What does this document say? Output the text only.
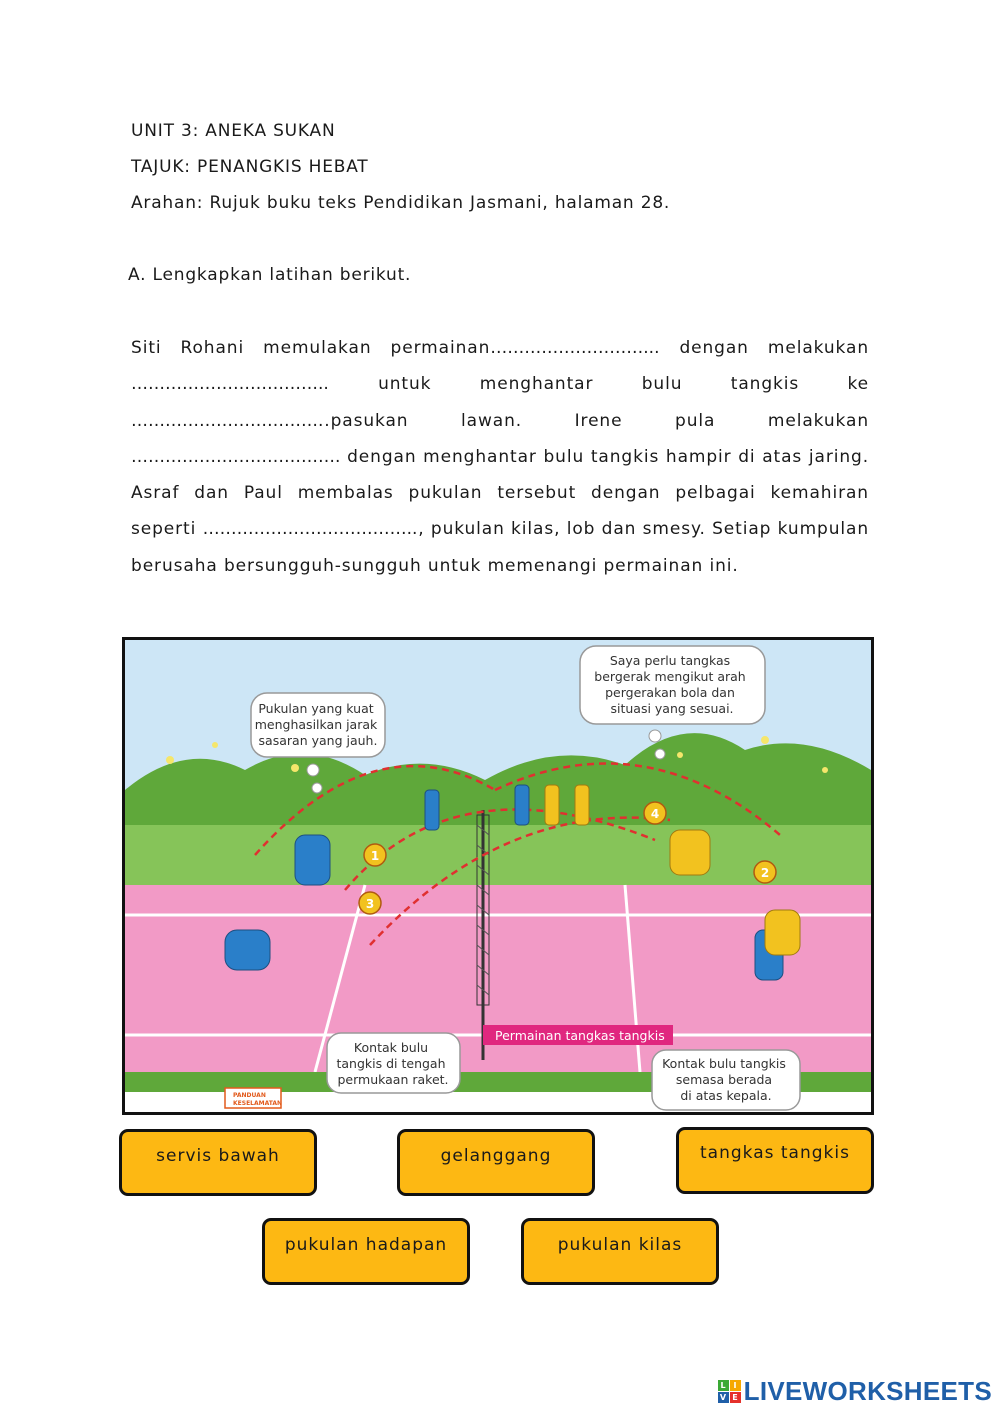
UNIT 3: ANEKA SUKAN
TAJUK: PENANGKIS HEBAT
Arahan: Rujuk buku teks Pendidikan Jasmani, halaman 28.
A. Lengkapkan latihan berikut.

Siti Rohani memulakan permainan………………………... dengan melakukan …………………………….. untuk menghantar bulu tangkis ke ……………………………..pasukan lawan. Irene pula melakukan ………………………………. dengan menghantar bulu tangkis hampir di atas jaring. Asraf dan Paul membalas pukulan tersebut dengan pelbagai kemahiran seperti ……………………………….., pukulan kilas, lob dan smesy. Setiap kumpulan berusaha bersungguh-sungguh untuk memenangi permainan ini.

1
2
3
4
Pukulan yang kuat menghasilkan jarak sasaran yang jauh.
Saya perlu tangkas bergerak mengikut arah pergerakan bola dan situasi yang sesuai.
Kontak bulu tangkis di tengah permukaan raket.
Kontak bulu tangkis semasa berada di atas kepala.
Permainan tangkas tangkis
PANDUAN KESELAMATAN
servis bawah	gelanggang	tangkas tangkis
pukulan hadapan	pukulan kilas
L I
V E LIVEWORKSHEETS
